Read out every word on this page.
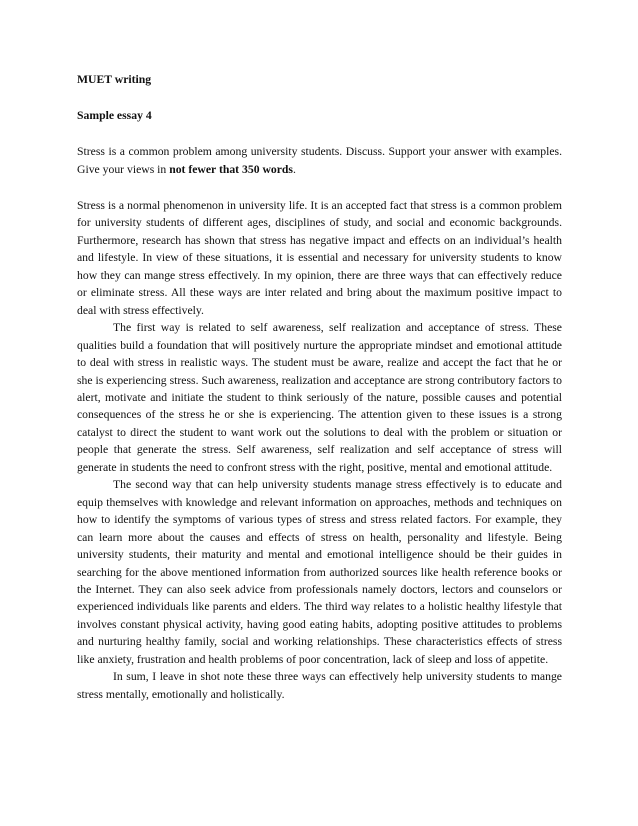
MUET writing

Sample essay 4

Stress is a common problem among university students. Discuss. Support your answer with examples. Give your views in not fewer that 350 words.

Stress is a normal phenomenon in university life. It is an accepted fact that stress is a common problem for university students of different ages, disciplines of study, and social and economic backgrounds. Furthermore, research has shown that stress has negative impact and effects on an individual’s health and lifestyle. In view of these situations, it is essential and necessary for university students to know how they can mange stress effectively. In my opinion, there are three ways that can effectively reduce or eliminate stress. All these ways are inter related and bring about the maximum positive impact to deal with stress effectively.

The first way is related to self awareness, self realization and acceptance of stress. These qualities build a foundation that will positively nurture the appropriate mindset and emotional attitude to deal with stress in realistic ways. The student must be aware, realize and accept the fact that he or she is experiencing stress. Such awareness, realization and acceptance are strong contributory factors to alert, motivate and initiate the student to think seriously of the nature, possible causes and potential consequences of the stress he or she is experiencing. The attention given to these issues is a strong catalyst to direct the student to want work out the solutions to deal with the problem or situation or people that generate the stress. Self awareness, self realization and self acceptance of stress will generate in students the need to confront stress with the right, positive, mental and emotional attitude.

The second way that can help university students manage stress effectively is to educate and equip themselves with knowledge and relevant information on approaches, methods and techniques on how to identify the symptoms of various types of stress and stress related factors. For example, they can learn more about the causes and effects of stress on health, personality and lifestyle. Being university students, their maturity and mental and emotional intelligence should be their guides in searching for the above mentioned information from authorized sources like health reference books or the Internet. They can also seek advice from professionals namely doctors, lectors and counselors or experienced individuals like parents and elders. The third way relates to a holistic healthy lifestyle that involves constant physical activity, having good eating habits, adopting positive attitudes to problems and nurturing healthy family, social and working relationships. These characteristics effects of stress like anxiety, frustration and health problems of poor concentration, lack of sleep and loss of appetite.

In sum, I leave in shot note these three ways can effectively help university students to mange stress mentally, emotionally and holistically.
